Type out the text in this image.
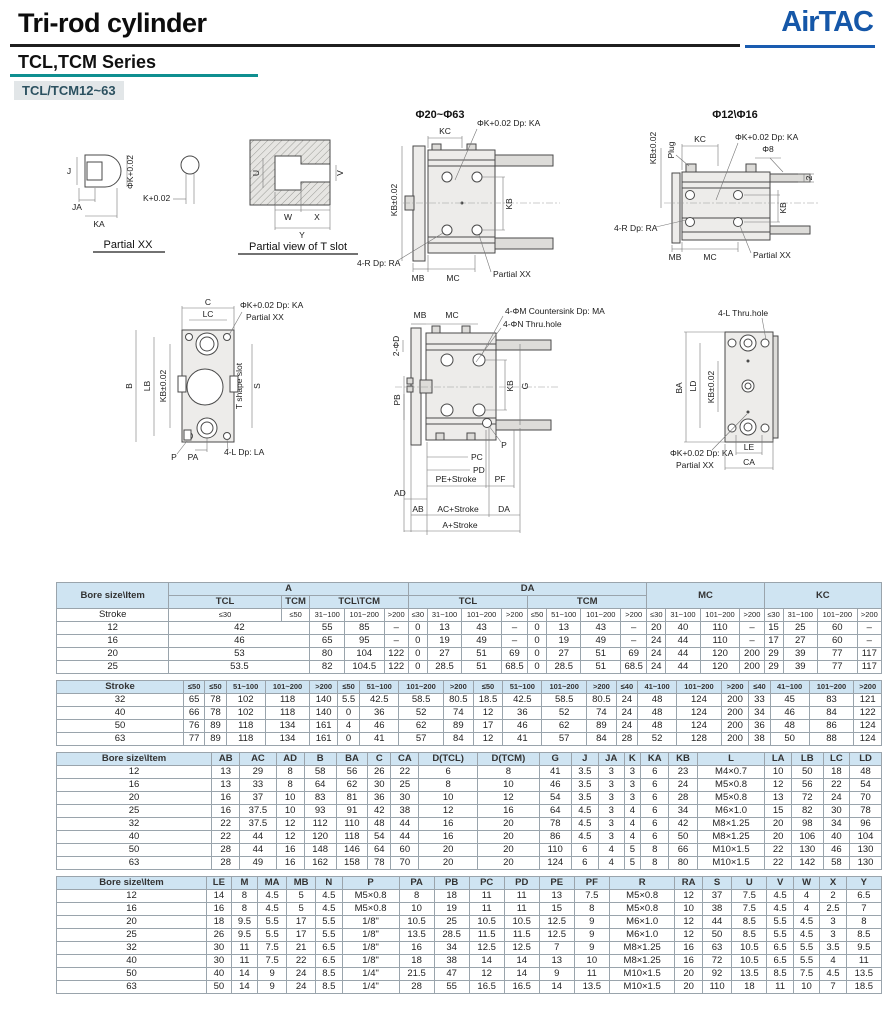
Tri-rod cylinder	AirTAC
TCL,TCM Series
TCL/TCM12~63
ΦK+0.02
J
JA
KA
K+0.02
Partial XX
U	V
W	X
Y
Partial view of T slot
Φ20~Φ63
KC
ΦK+0.02 Dp: KA
KB±0.02	KB
4-R Dp: RA
MB	MC	Partial XX
Φ12\Φ16
KB±0.02 Plug
KC	ΦK+0.02 Dp: KA
Φ8
2
KB
4-R Dp: RA
MB	MC	Partial XX
C
LC
ΦK+0.02 Dp: KA
Partial XX
B LB KB±0.02	T shape slot S
4-L Dp: LA
P PA
MB MC	4-ΦM Countersink Dp: MA
4-ΦN Thru.hole
2-ΦD
PB
KB G
P
PC
PD
PE+Stroke PF
AD
AB AC+Stroke DA
A+Stroke
4-L Thru.hole
BA LD KB±0.02
ΦK+0.02 Dp: KA
Partial XX
LE
CA
Bore size\Item	A					DA								MC				KC			
	TCL	TCM	TCL\TCM			TCL				TCM											
Stroke	≤30	≤50	31~100	101~200	>200	≤30	31~100	101~200	>200	≤50	51~100	101~200	>200	≤30	31~100	101~200	>200	≤30	31~100	101~200	>200
12	42		55	85	–	0	13	43	–	0	13	43	–	20	40	110	–	15	25	60	–
16	46		65	95	–	0	19	49	–	0	19	49	–	24	44	110	–	17	27	60	–
20	53		80	104	122	0	27	51	69	0	27	51	69	24	44	120	200	29	39	77	117
25	53.5		82	104.5	122	0	28.5	51	68.5	0	28.5	51	68.5	24	44	120	200	29	39	77	117
Stroke	≤50	≤50	51~100	101~200	>200	≤50	51~100	101~200	>200	≤50	51~100	101~200	>200	≤40	41~100	101~200	>200	≤40	41~100	101~200	>200
32	65	78	102	118	140	5.5	42.5	58.5	80.5	18.5	42.5	58.5	80.5	24	48	124	200	33	45	83	121
40	66	78	102	118	140	0	36	52	74	12	36	52	74	24	48	124	200	34	46	84	122
50	76	89	118	134	161	4	46	62	89	17	46	62	89	24	48	124	200	36	48	86	124
63	77	89	118	134	161	0	41	57	84	12	41	57	84	28	52	128	200	38	50	88	124
Bore size\Item	AB	AC	AD	B	BA	C	CA	D(TCL)	D(TCM)	G	J	JA	K	KA	KB	L	LA	LB	LC	LD
12	13	29	8	58	56	26	22	6	8	41	3.5	3	3	6	23	M4×0.7	10	50	18	48
16	13	33	8	64	62	30	25	8	10	46	3.5	3	3	6	24	M5×0.8	12	56	22	54
20	16	37	10	83	81	36	30	10	12	54	3.5	3	3	6	28	M5×0.8	13	72	24	70
25	16	37.5	10	93	91	42	38	12	16	64	4.5	3	4	6	34	M6×1.0	15	82	30	78
32	22	37.5	12	112	110	48	44	16	20	78	4.5	3	4	6	42	M8×1.25	20	98	34	96
40	22	44	12	120	118	54	44	16	20	86	4.5	3	4	6	50	M8×1.25	20	106	40	104
50	28	44	16	148	146	64	60	20	20	110	6	4	5	8	66	M10×1.5	22	130	46	130
63	28	49	16	162	158	78	70	20	20	124	6	4	5	8	80	M10×1.5	22	142	58	130
Bore size\Item	LE	M	MA	MB	N	P	PA	PB	PC	PD	PE	PF	R	RA	S	U	V	W	X	Y
12	14	8	4.5	5	4.5	M5×0.8	8	18	11	11	13	7.5	M5×0.8	12	37	7.5	4.5	4	2	6.5
16	16	8	4.5	5	4.5	M5×0.8	10	19	11	11	15	8	M5×0.8	10	38	7.5	4.5	4	2.5	7
20	18	9.5	5.5	17	5.5	1/8"	10.5	25	10.5	10.5	12.5	9	M6×1.0	12	44	8.5	5.5	4.5	3	8
25	26	9.5	5.5	17	5.5	1/8"	13.5	28.5	11.5	11.5	12.5	9	M6×1.0	12	50	8.5	5.5	4.5	3	8.5
32	30	11	7.5	21	6.5	1/8"	16	34	12.5	12.5	7	9	M8×1.25	16	63	10.5	6.5	5.5	3.5	9.5
40	30	11	7.5	22	6.5	1/8"	18	38	14	14	13	10	M8×1.25	16	72	10.5	6.5	5.5	4	11
50	40	14	9	24	8.5	1/4"	21.5	47	12	14	9	11	M10×1.5	20	92	13.5	8.5	7.5	4.5	13.5
63	50	14	9	24	8.5	1/4"	28	55	16.5	16.5	14	13.5	M10×1.5	20	110	18	11	10	7	18.5
